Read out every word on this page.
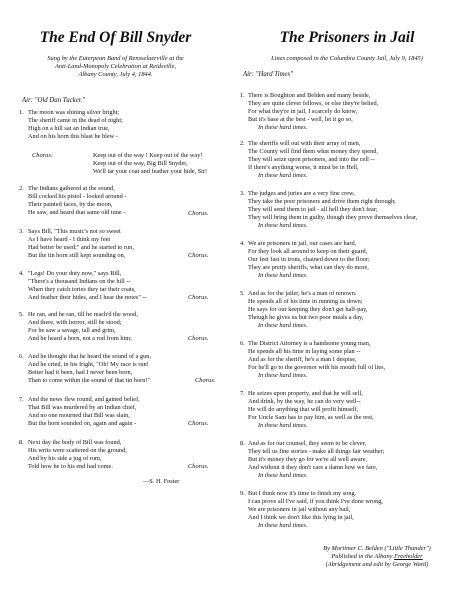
The End Of Bill Snyder
Sung by the Euterpean Band of Rensselaerville at the
Anti-Land-Monopoly Celebration at Reidsville,
Albany County, July 4, 1844.
Air: "Old Dan Tucker."
1. The moon was shining silver bright;
The sheriff came in the dead of night;
High on a hill sat an Indian true,
And on his horn this blast he blew -
Chorus:	Keep out of the way ! Keep out of the way!
Keep out of the way, Big Bill Snyder,
We'll tar your coat and feather your hide, Sir!
2. The Indians gathered at the sound,
Bill cocked his pistol - looked around -
Their painted faces, by the moon,
He saw, and heard that same old tune -	Chorus.
3. Says Bill, "This music's not so sweet
As I have heard - I think my feet
Had better be used;" and he started to run,
But the tin horn still kept sounding on,	Chorus.
4. "Legs! Do your duty now," says Bill,
"There's a thousand Indians on the hill --
When they catch tories they tar their coats,
And feather their hides, and I hear the notes" --	Chorus.
5. He ran, and he ran, till he reach'd the wood,
And there, with horror, still he stood;
For he saw a savage, tall and grim,
And he heard a horn, not a rod from him;	Chorus.
6. And he thought that he heard the sound of a gun,
And he cried, in his fright, "Oh! My race is run!
Better had it been, had I never been born,
Than to come within the sound of that tin horn!"	Chorus.
7. And the news flew round, and gained belief,
That Bill was murdered by an Indian chief,
And no one mourned that Bill was slain,
But the horn sounded on, again and again -	Chorus.
8. Next day the body of Bill was found,
His writs were scattered on the ground,
And by his side a jug of rum,
Told how he to his end had come.	Chorus.
—S. H. Foster
The Prisoners in Jail
Lines composed in the Columbia County Jail, July 9, 1845)
Air: "Hard Times"
1. There is Boughton and Belden and many beside,
They are quite clever fellows, or else they're belied,
For what they're in jail, I scarcely do know,
But it's base at the best - well, let it go so,
In these hard times.
2. The sheriffs will out with their array of men,
The County will find them what money they spend,
They will seize upon prisoners, and into the cell --
If there's anything worse, it must be in Hell,
In these hard times.
3. The judges and juries are a very fine crew,
They take the poor prisoners and drive them right through;
They will send them to jail - all hell they don't fear;
They will bring them in guilty, though they prove themselves clear,
In these hard times.
4. We are prisoners in jail, our cases are hard,
For they look all around to keep on their guard,
Our feet fast in irons, chained down to the floor;
They are pretty sheriffs, what can they do more,
In these hard times.
5. And as for the jailer, he's a man of renown.
He spends all of his time in running us down;
He says for our keeping they don't get half-pay,
Though he gives us but two poor meals a day,
In these hard times.
6. The District Attorney is a handsome young man,
He spends all his time in laying some plan --
And as for the sheriff, he's a man I despise,
For he'll go to the governor with his mouth full of lies,
In these hard times.
7. He seizes upon property, and that he will sell,
And drink, by the way, he can do very well--
He will do anything that will profit himself,
For Uncle Sam has to pay him, as well as the rest,
In these hard times.
8. And as for our counsel, they seem to be clever,
They tell us fine stories - make all things fair weather;
But it's money they go for we're all well aware,
And without it they don't care a damn how we fare,
In these hard times.
9. But I think now it's time to finish my song.
I can prove all I've said, if you think I've done wrong,
We are prisoners in jail without any bail,
And I think we don't like this lying in jail,
In these hard times.
By Mortimer C. Belden ("Little Thunder")
Published in the Albany Freeholder
(Abridgement and edit by George Ward)
